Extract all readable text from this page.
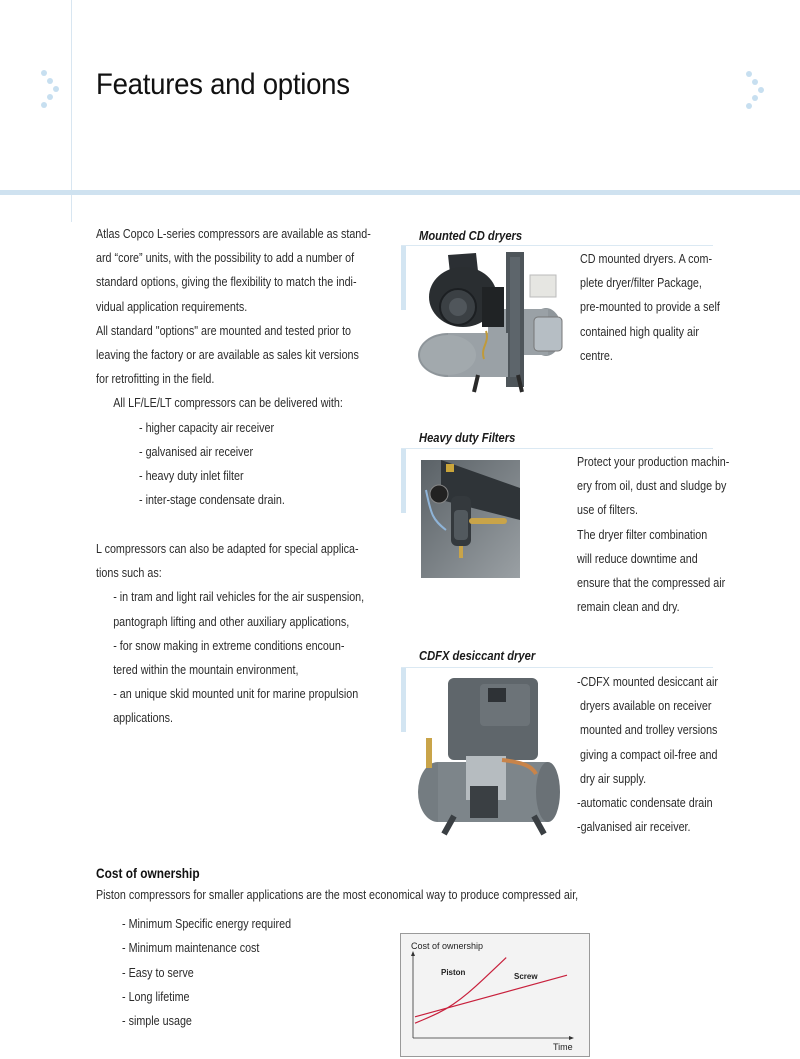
Features and options
Atlas Copco L-series compressors are available as stand-
ard “core” units, with the possibility to add a number of
standard options, giving the flexibility to match the indi-
vidual application requirements.
All standard "options" are mounted and tested prior to
leaving the factory or are available as sales kit versions
for retrofitting in the field.
All LF/LE/LT compressors can be delivered with:
- higher capacity air receiver
- galvanised air receiver
- heavy duty inlet filter
- inter-stage condensate drain.
L compressors can also be adapted for special applica-
tions such as:
- in tram and light rail vehicles for the air suspension,
pantograph lifting and other auxiliary applications,
- for snow making in extreme conditions encoun-
tered within the mountain environment,
- an unique skid mounted unit for marine propulsion
applications.
Mounted CD dryers
CD mounted dryers. A com-
plete dryer/filter Package,
pre-mounted to provide a self
contained high quality air
centre.
Heavy duty Filters
Protect your production machin-
ery from oil, dust and sludge by
use of filters.
The dryer filter combination
will reduce downtime and
ensure that the compressed air
remain clean and dry.
CDFX desiccant dryer
-CDFX mounted desiccant air
dryers available on receiver
mounted and trolley versions
giving a compact oil-free and
dry air supply.
-automatic condensate drain
-galvanised air receiver.
Cost of ownership
Piston compressors for smaller applications are the most economical way to produce compressed air,
- Minimum Specific energy required
- Minimum maintenance cost
- Easy to serve
- Long lifetime
- simple usage
Cost of ownership
Time
Piston	Screw
